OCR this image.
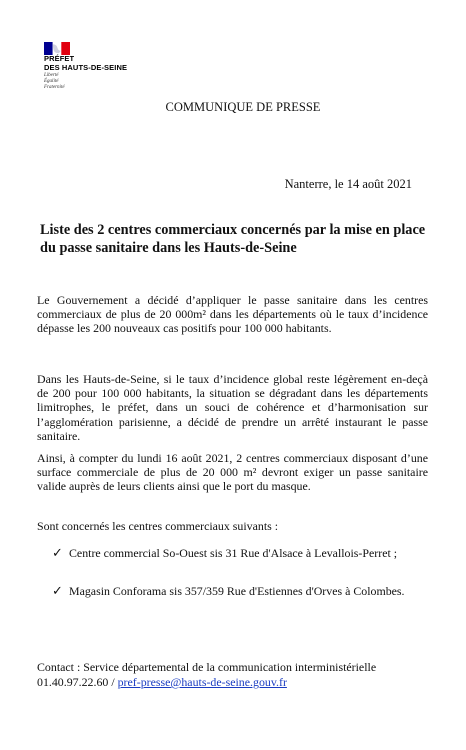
PRÉFET
DES HAUTS-DE-SEINE
Liberté
Égalité
Fraternité
COMMUNIQUE DE PRESSE
Nanterre, le 14 août 2021
Liste des 2 centres commerciaux concernés par la mise en place du passe sanitaire dans les Hauts-de-Seine
Le Gouvernement a décidé d’appliquer le passe sanitaire dans les centres commerciaux de plus de 20 000m² dans les départements où le taux d’incidence dépasse les 200 nouveaux cas positifs pour 100 000 habitants.
Dans les Hauts-de-Seine, si le taux d’incidence global reste légèrement en-deçà de 200 pour 100 000 habitants, la situation se dégradant dans les départements limitrophes, le préfet, dans un souci de cohérence et d’harmonisation sur l’agglomération parisienne, a décidé de prendre un arrêté instaurant le passe sanitaire.
Ainsi, à compter du lundi 16 août 2021, 2 centres commerciaux disposant d’une surface commerciale de plus de 20 000 m² devront exiger un passe sanitaire valide auprès de leurs clients ainsi que le port du masque.
Sont concernés les centres commerciaux suivants :
✓ Centre commercial So-Ouest sis 31 Rue d'Alsace à Levallois-Perret ;
✓ Magasin Conforama sis 357/359 Rue d'Estiennes d'Orves à Colombes.
Contact : Service départemental de la communication interministérielle
01.40.97.22.60 / pref-presse@hauts-de-seine.gouv.fr
